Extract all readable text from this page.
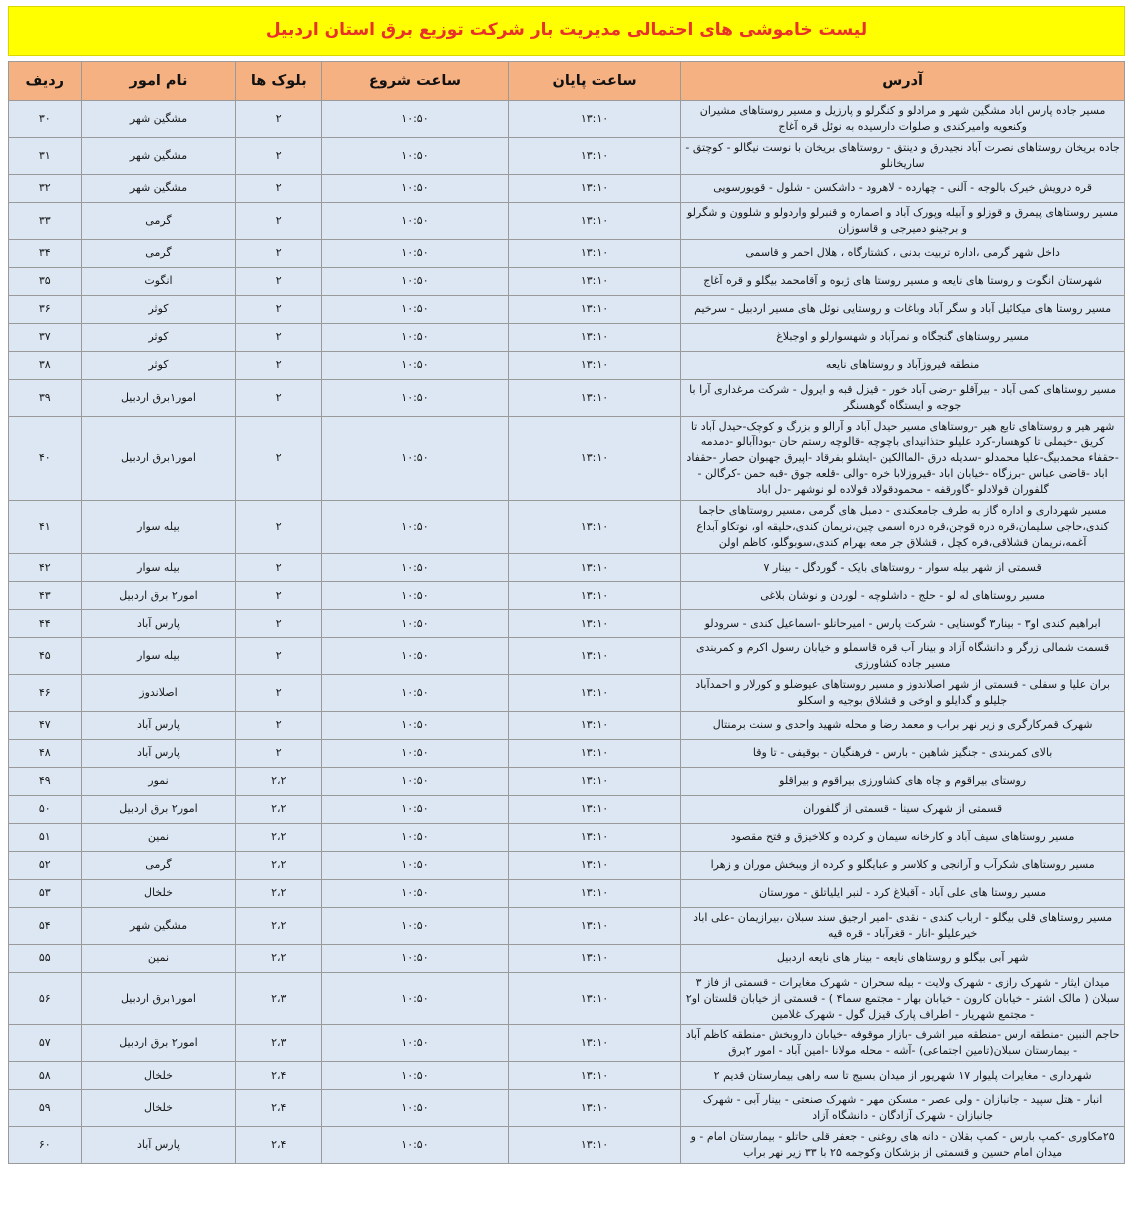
لیست خاموشی های احتمالی مدیریت بار شرکت توزیع برق استان اردبیل
آدرس	ساعت پایان	ساعت شروع	بلوک ها	نام امور	ردیف
مسیر جاده پارس اباد مشگین شهر و مرادلو و کنگرلو و پارزیل و مسیر روستاهای مشیران وکنعویه وامیرکندی و صلوات دارسیده به نوئل قره آغاج	۱۳:۱۰	۱۰:۵۰	۲	مشگین شهر	۳۰
جاده بریخان روستاهای نصرت آباد نجیدرق و دینتق - روستاهای بریخان با نوست نیگالو - کوچتق - ساریخانلو	۱۳:۱۰	۱۰:۵۰	۲	مشگین شهر	۳۱
قره درویش خیرک بالوجه - آلنی - چهارده - لاهرود - داشکسن - شلول - قویورسویی	۱۳:۱۰	۱۰:۵۰	۲	مشگین شهر	۳۲
مسیر روستاهای پیمرق و قوزلو و آبیله وپورک آباد و اصماره و قنبرلو واردولو و شلوون و شگرلو و برجینو دمیرجی و قاسوزان	۱۳:۱۰	۱۰:۵۰	۲	گرمی	۳۳
داخل شهر گرمی ،اداره تربیت بدنی ، کشتارگاه ، هلال احمر و قاسمی	۱۳:۱۰	۱۰:۵۰	۲	گرمی	۳۴
شهرستان انگوت و روستا های نایعه و مسیر روستا های ژبوه و آقامحمد بیگلو و قره آغاج	۱۳:۱۰	۱۰:۵۰	۲	انگوت	۳۵
مسیر روستا های میکائیل آباد و سگر آباد وباغات و روستایی نوئل های مسیر اردبیل - سرخیم	۱۳:۱۰	۱۰:۵۰	۲	کوثر	۳۶
مسیر روستاهای گنجگاه و نمرآباد و شهسوارلو و اوجبلاغ	۱۳:۱۰	۱۰:۵۰	۲	کوثر	۳۷
منطقه فیروزآباد و روستاهای نایعه	۱۳:۱۰	۱۰:۵۰	۲	کوثر	۳۸
مسیر روستاهای کمی آباد - بیرآقلو -رضی آباد خور - قیزل قبه و ایرول - شرکت مرغداری آرا با جوجه و ایستگاه گوهسنگر	۱۳:۱۰	۱۰:۵۰	۲	امور۱برق اردبیل	۳۹
شهر هیر و روستاهای تابع هیر -روستاهای مسیر حیدل آباد و آرالو و بزرگ و کوچک-حیدل آباد تا کریق -خیملی تا کوهسار-کرد علیلو حتذانیدای باچوچه -قالوچه رستم حان -بوداآبالو -دمدمه -حقفاء محمدبیگ-علیا محمدلو -سدیله درق -الماالکین -ایشلو بفرقاد -اپیرق جهبوان حصار -حقفاد اباد -قاضی عباس -برزگاه -خیابان اباد -قیروزلابا خره -والی -قلعه جوق -قبه حمن -کرگالن - گلفوران قولادلو -گاورقفه - محمودقولاد قولاده لو نوشهر -دل اباد	۱۳:۱۰	۱۰:۵۰	۲	امور۱برق اردبیل	۴۰
مسیر شهرداری و اداره گاز به طرف جامعکندی - دمبل های گرمی ،مسیر روستاهای حاجما کندی،حاجی سلیمان،قره دره قوجن،قره دره اسمی چین،نریمان کندی،حلیقه او، نوتکاو آبداع آغمه،نریمان قشلاقی،فره کچل ، قشلاق جر معه بهرام کندی،سوبوگلو، کاظم اولن	۱۳:۱۰	۱۰:۵۰	۲	بیله سوار	۴۱
قسمتی از شهر بیله سوار - روستاهای بایک - گوردگل - بینار ۷	۱۳:۱۰	۱۰:۵۰	۲	بیله سوار	۴۲
مسیر روستاهای له لو - حلج - داشلوچه - لوردن و نوشان بلاغی	۱۳:۱۰	۱۰:۵۰	۲	امور۲ برق اردبیل	۴۳
ابراهیم کندی او۳ - بینار۳ گوسنایی - شرکت پارس - امیرحانلو -اسماعیل کندی - سرودلو	۱۳:۱۰	۱۰:۵۰	۲	پارس آباد	۴۴
قسمت شمالی زرگر و دانشگاه آزاد و بینار آب قره قاسملو و خیابان رسول اکرم و کمربندی مسیر جاده کشاورزی	۱۳:۱۰	۱۰:۵۰	۲	بیله سوار	۴۵
بران علیا و سفلی - قسمتی از شهر اصلاندوز و مسیر روستاهای عیوضلو و کورلار و احمدآباد جلیلو و گدایلو و اوخی و قشلاق بوجیه و اسکلو	۱۳:۱۰	۱۰:۵۰	۲	اصلاندوز	۴۶
شهرک قمرکارگری و زیر نهر براب و معمد رضا و محله شهید واحدی و سنت برمنتال	۱۳:۱۰	۱۰:۵۰	۲	پارس آباد	۴۷
بالای کمربندی - جنگیز شاهین - بارس - فرهنگیان - بوقیفی - تا وقا	۱۳:۱۰	۱۰:۵۰	۲	پارس آباد	۴۸
روستای بیراقوم و چاه های کشاورزی بیراقوم و بیراقلو	۱۳:۱۰	۱۰:۵۰	۲،۲	نمور	۴۹
قسمتی از شهرک سینا - قسمتی از گلفوران	۱۳:۱۰	۱۰:۵۰	۲،۲	امور۲ برق اردبیل	۵۰
مسیر روستاهای سیف آباد و کارخانه سیمان و کرده و کلاخیزق و فتح مقصود	۱۳:۱۰	۱۰:۵۰	۲،۲	نمین	۵۱
مسیر روستاهای شکرآب و آرانجی و کلاسر و عبایگلو و کرده از ویبخش موران و زهرا	۱۳:۱۰	۱۰:۵۰	۲،۲	گرمی	۵۲
مسیر روستا های علی آباد - آقبلاغ کرد - لنبر ایلیاتلق - مورستان	۱۳:۱۰	۱۰:۵۰	۲،۲	خلخال	۵۳
مسیر روستاهای قلی بیگلو - ارباب کندی - نقدی -امیر ارجیق سند سبلان ،بیرازیمان -علی اباد خیرعلیلو -انار - قغرآباد - قره قیه	۱۳:۱۰	۱۰:۵۰	۲،۲	مشگین شهر	۵۴
شهر آبی بیگلو و روستاهای نایعه - بینار های نایعه اردبیل	۱۳:۱۰	۱۰:۵۰	۲،۲	نمین	۵۵
میدان ایثار - شهرک رازی - شهرک ولایت - بیله سحران - شهرک مغایرات - قسمتی از فاز ۳ سبلان ( مالک اشتر - خیابان کارون - خیابان بهار - مجتمع سما۴ ) - قسمتی از خیابان قلستان او۲ - مجتمع شهریار - اطراف پارک قیزل گول - شهرک غلامین	۱۳:۱۰	۱۰:۵۰	۲،۳	امور۱برق اردبیل	۵۶
حاجم النبین -منطقه ارس -منطقه میر اشرف -بازار موقوفه -خیابان داروبخش -منطقه کاظم آباد - بیمارستان سبلان(تامین اجتماعی) -آشه - محله مولانا -امین آباد - امور ۲برق	۱۳:۱۰	۱۰:۵۰	۲،۳	امور۲ برق اردبیل	۵۷
شهرداری - مغایرات پلیوار ۱۷ شهریور از میدان بسیج تا سه راهی بیمارستان قدیم ۲	۱۳:۱۰	۱۰:۵۰	۲،۴	خلخال	۵۸
انبار - هتل سپید - جانبازان - ولی عصر - مسکن مهر - شهرک صنعتی - بینار آبی - شهرک جانبازان - شهرک آزادگان - دانشگاه آزاد	۱۳:۱۰	۱۰:۵۰	۲،۴	خلخال	۵۹
۲۵مکاوری -کمپ بارس - کمپ بقلان - دانه های روغنی - جعفر قلی حاتلو - بیمارستان امام - و میدان امام حسین و قسمتی از بزشکان وکوجمه ۲۵ با ۳۳ زیر نهر براب	۱۳:۱۰	۱۰:۵۰	۲،۴	پارس آباد	۶۰
